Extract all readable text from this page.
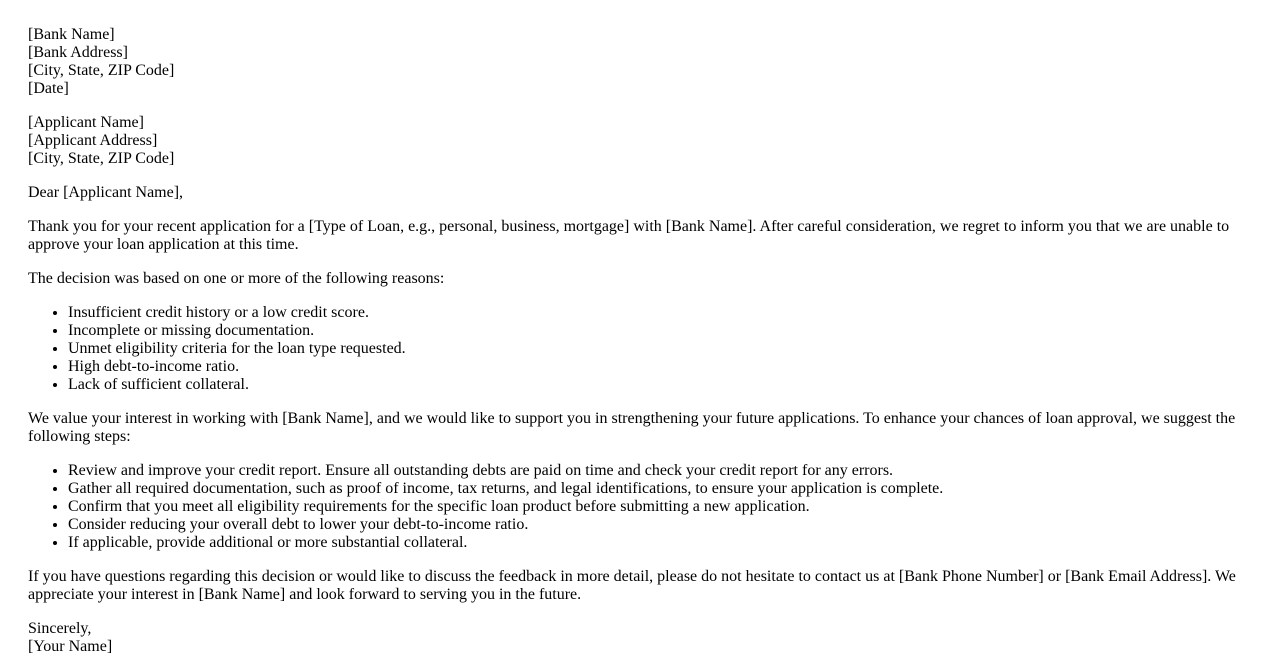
[Bank Name]
[Bank Address]
[City, State, ZIP Code]
[Date]

[Applicant Name]
[Applicant Address]
[City, State, ZIP Code]

Dear [Applicant Name],

Thank you for your recent application for a [Type of Loan, e.g., personal, business, mortgage] with [Bank Name]. After careful consideration, we regret to inform you that we are unable to approve your loan application at this time.

The decision was based on one or more of the following reasons:

• Insufficient credit history or a low credit score.
• Incomplete or missing documentation.
• Unmet eligibility criteria for the loan type requested.
• High debt-to-income ratio.
• Lack of sufficient collateral.

We value your interest in working with [Bank Name], and we would like to support you in strengthening your future applications. To enhance your chances of loan approval, we suggest the following steps:

• Review and improve your credit report. Ensure all outstanding debts are paid on time and check your credit report for any errors.
• Gather all required documentation, such as proof of income, tax returns, and legal identifications, to ensure your application is complete.
• Confirm that you meet all eligibility requirements for the specific loan product before submitting a new application.
• Consider reducing your overall debt to lower your debt-to-income ratio.
• If applicable, provide additional or more substantial collateral.

If you have questions regarding this decision or would like to discuss the feedback in more detail, please do not hesitate to contact us at [Bank Phone Number] or [Bank Email Address]. We appreciate your interest in [Bank Name] and look forward to serving you in the future.

Sincerely,
[Your Name]
